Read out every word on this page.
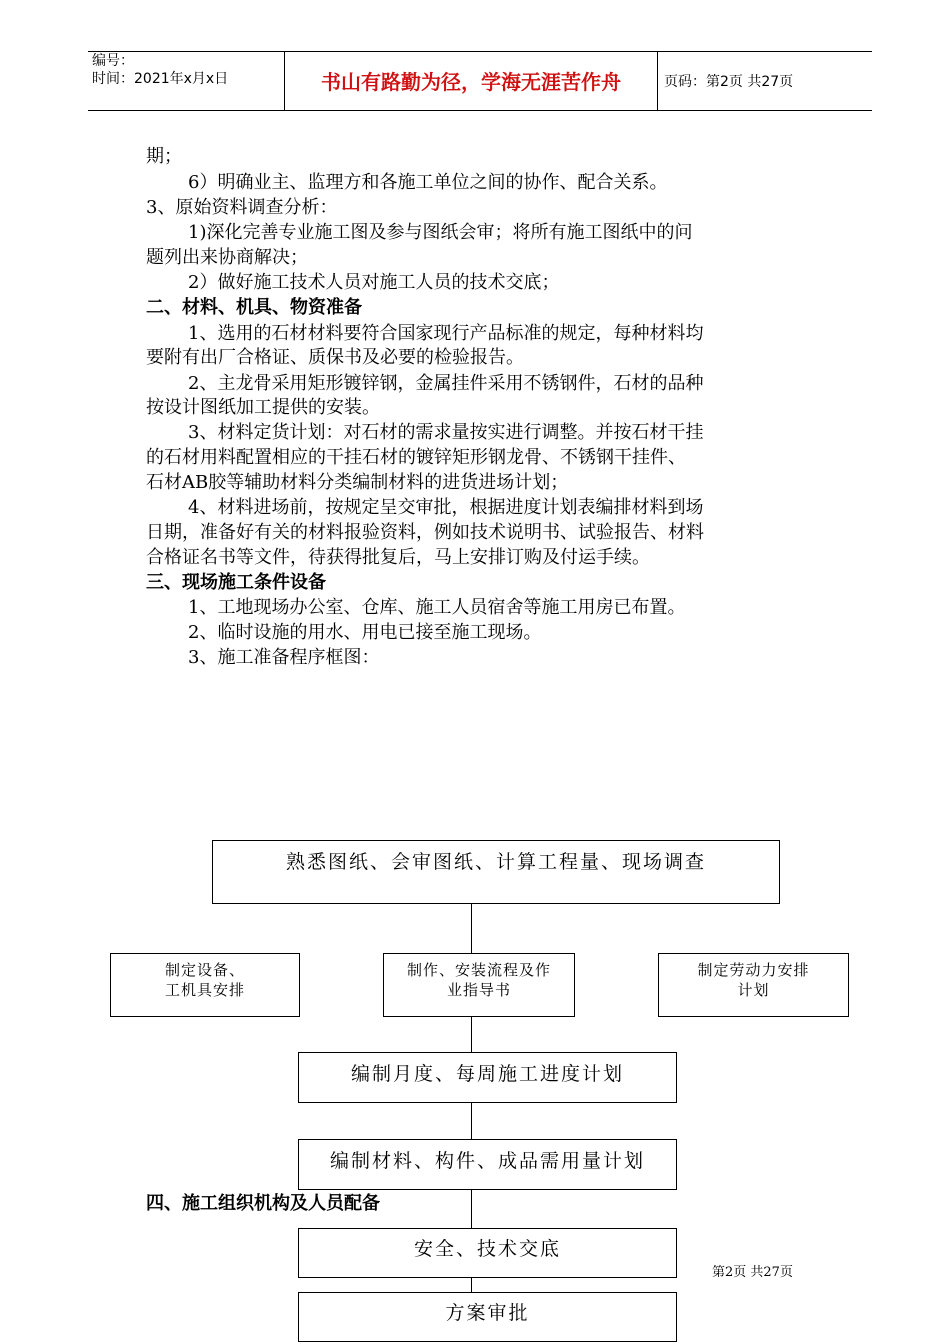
编号：
时间：2021年x月x日	书山有路勤为径，学海无涯苦作舟	页码：第2页 共27页
期；
6）明确业主、监理方和各施工单位之间的协作、配合关系。
3、原始资料调查分析：
1)深化完善专业施工图及参与图纸会审；将所有施工图纸中的问
题列出来协商解决；
2）做好施工技术人员对施工人员的技术交底；
二、材料、机具、物资准备
1、选用的石材材料要符合国家现行产品标准的规定，每种材料均
要附有出厂合格证、质保书及必要的检验报告。
2、主龙骨采用矩形镀锌钢，金属挂件采用不锈钢件，石材的品种
按设计图纸加工提供的安装。
3、材料定货计划：对石材的需求量按实进行调整。并按石材干挂
的石材用料配置相应的干挂石材的镀锌矩形钢龙骨、不锈钢干挂件、
石材AB胶等辅助材料分类编制材料的进货进场计划；
4、材料进场前，按规定呈交审批，根据进度计划表编排材料到场
日期，准备好有关的材料报验资料，例如技术说明书、试验报告、材料
合格证名书等文件，待获得批复后，马上安排订购及付运手续。
三、现场施工条件设备
1、工地现场办公室、仓库、施工人员宿舍等施工用房已布置。
2、临时设施的用水、用电已接至施工现场。
3、施工准备程序框图：
熟悉图纸、会审图纸、计算工程量、现场调查
制定设备、
工机具安排
制作、安装流程及作
业指导书
制定劳动力安排
计划
编制月度、每周施工进度计划
编制材料、构件、成品需用量计划
四、施工组织机构及人员配备
安全、技术交底
方案审批
第2页 共27页
